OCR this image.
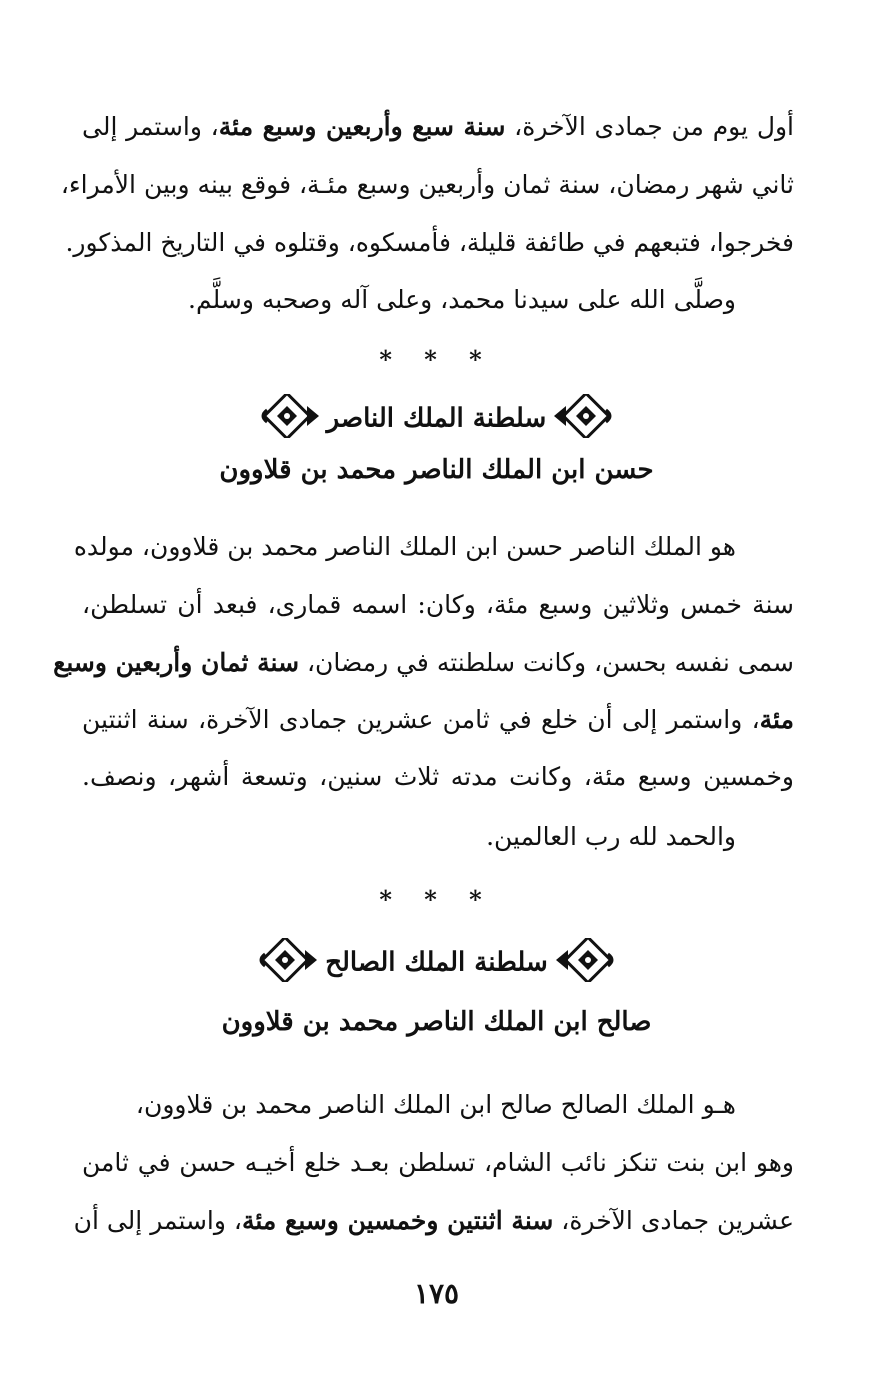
أول يوم من جمادى الآخرة، سنة سبع وأربعين وسبع مئة، واستمر إلى
ثاني شهر رمضان، سنة ثمان وأربعين وسبع مئـة، فوقع بينه وبين الأمراء،
فخرجوا، فتبعهم في طائفة قليلة، فأمسكوه، وقتلوه في التاريخ المذكور.
وصلَّى الله على سيدنا محمد، وعلى آله وصحبه وسلَّم.
* * *
سلطنة الملك الناصر
حسن ابن الملك الناصر محمد بن قلاوون
هو الملك الناصر حسن ابن الملك الناصر محمد بن قلاوون، مولده
سنة خمس وثلاثين وسبع مئة، وكان: اسمه قمارى، فبعد أن تسلطن،
سمى نفسه بحسن، وكانت سلطنته في رمضان، سنة ثمان وأربعين وسبع
مئة، واستمر إلى أن خلع في ثامن عشرين جمادى الآخرة، سنة اثنتين
وخمسين وسبع مئة، وكانت مدته ثلاث سنين، وتسعة أشهر، ونصف.
والحمد لله رب العالمين.
* * *
سلطنة الملك الصالح
صالح ابن الملك الناصر محمد بن قلاوون
هـو الملك الصالح صالح ابن الملك الناصر محمد بن قلاوون،
وهو ابن بنت تنكز نائب الشام، تسلطن بعـد خلع أخيـه حسن في ثامن
عشرين جمادى الآخرة، سنة اثنتين وخمسين وسبع مئة، واستمر إلى أن
١٧٥
